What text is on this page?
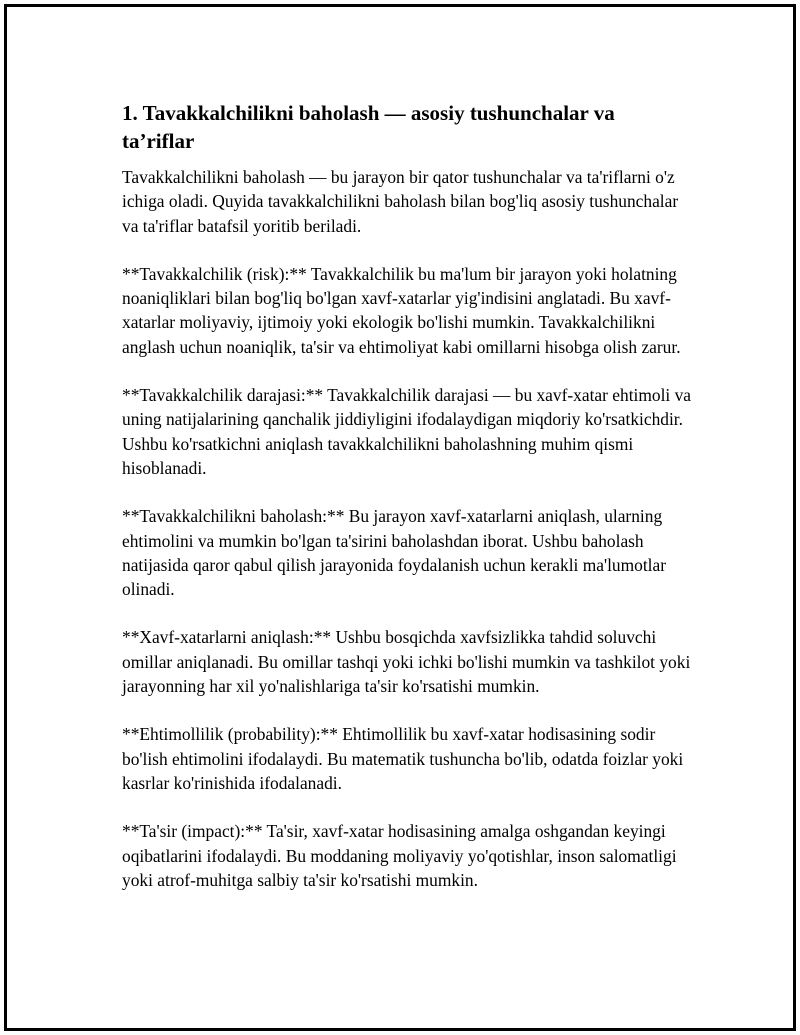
1. Tavakkalchilikni baholash — asosiy tushunchalar va ta’riflar

Tavakkalchilikni baholash — bu jarayon bir qator tushunchalar va ta'riflarni o'z ichiga oladi. Quyida tavakkalchilikni baholash bilan bog'liq asosiy tushunchalar va ta'riflar batafsil yoritib beriladi.

**Tavakkalchilik (risk):** Tavakkalchilik bu ma'lum bir jarayon yoki holatning noaniqliklari bilan bog'liq bo'lgan xavf-xatarlar yig'indisini anglatadi. Bu xavf-xatarlar moliyaviy, ijtimoiy yoki ekologik bo'lishi mumkin. Tavakkalchilikni anglash uchun noaniqlik, ta'sir va ehtimoliyat kabi omillarni hisobga olish zarur.

**Tavakkalchilik darajasi:** Tavakkalchilik darajasi — bu xavf-xatar ehtimoli va uning natijalarining qanchalik jiddiyligini ifodalaydigan miqdoriy ko'rsatkichdir. Ushbu ko'rsatkichni aniqlash tavakkalchilikni baholashning muhim qismi hisoblanadi.

**Tavakkalchilikni baholash:** Bu jarayon xavf-xatarlarni aniqlash, ularning ehtimolini va mumkin bo'lgan ta'sirini baholashdan iborat. Ushbu baholash natijasida qaror qabul qilish jarayonida foydalanish uchun kerakli ma'lumotlar olinadi.

**Xavf-xatarlarni aniqlash:** Ushbu bosqichda xavfsizlikka tahdid soluvchi omillar aniqlanadi. Bu omillar tashqi yoki ichki bo'lishi mumkin va tashkilot yoki jarayonning har xil yo'nalishlariga ta'sir ko'rsatishi mumkin.

**Ehtimollilik (probability):** Ehtimollilik bu xavf-xatar hodisasining sodir bo'lish ehtimolini ifodalaydi. Bu matematik tushuncha bo'lib, odatda foizlar yoki kasrlar ko'rinishida ifodalanadi.

**Ta'sir (impact):** Ta'sir, xavf-xatar hodisasining amalga oshgandan keyingi oqibatlarini ifodalaydi. Bu moddaning moliyaviy yo'qotishlar, inson salomatligi yoki atrof-muhitga salbiy ta'sir ko'rsatishi mumkin.
